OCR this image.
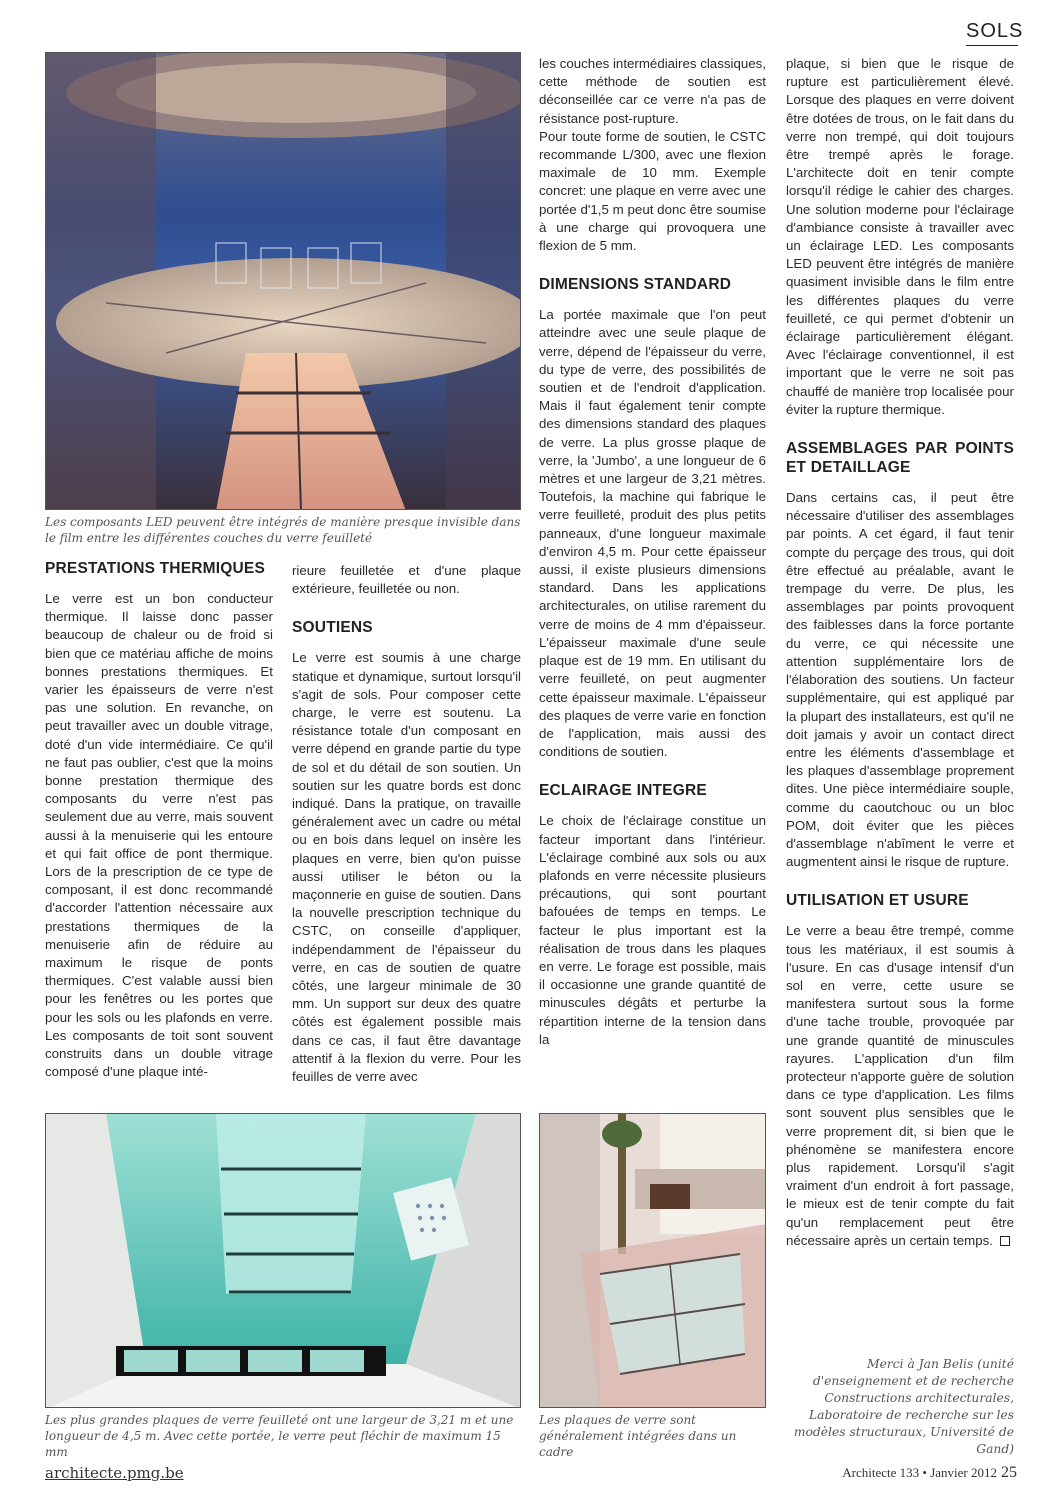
SOLS
Les composants LED peuvent être intégrés de manière presque invisible dans le film entre les différentes couches du verre feuilleté
PRESTATIONS THERMIQUES

Le verre est un bon conducteur thermique. Il laisse donc passer beaucoup de chaleur ou de froid si bien que ce matériau affiche de moins bonnes prestations thermiques. Et varier les épaisseurs de verre n'est pas une solution. En revanche, on peut travailler avec un double vitrage, doté d'un vide intermédiaire. Ce qu'il ne faut pas oublier, c'est que la moins bonne prestation thermique des composants du verre n'est pas seulement due au verre, mais souvent aussi à la menuiserie qui les entoure et qui fait office de pont thermique. Lors de la prescription de ce type de composant, il est donc recommandé d'accorder l'attention nécessaire aux prestations thermiques de la menuiserie afin de réduire au maximum le risque de ponts thermiques. C'est valable aussi bien pour les fenêtres ou les portes que pour les sols ou les plafonds en verre. Les composants de toit sont souvent construits dans un double vitrage composé d'une plaque inté-

rieure feuilletée et d'une plaque extérieure, feuilletée ou non.

SOUTIENS

Le verre est soumis à une charge statique et dynamique, surtout lorsqu'il s'agit de sols. Pour composer cette charge, le verre est soutenu. La résistance totale d'un composant en verre dépend en grande partie du type de sol et du détail de son soutien. Un soutien sur les quatre bords est donc indiqué. Dans la pratique, on travaille généralement avec un cadre ou métal ou en bois dans lequel on insère les plaques en verre, bien qu'on puisse aussi utiliser le béton ou la maçonnerie en guise de soutien. Dans la nouvelle prescription technique du CSTC, on conseille d'appliquer, indépendamment de l'épaisseur du verre, en cas de soutien de quatre côtés, une largeur minimale de 30 mm. Un support sur deux des quatre côtés est également possible mais dans ce cas, il faut être davantage attentif à la flexion du verre. Pour les feuilles de verre avec

les couches intermédiaires classiques, cette méthode de soutien est déconseillée car ce verre n'a pas de résistance post-rupture.

Pour toute forme de soutien, le CSTC recommande L/300, avec une flexion maximale de 10 mm. Exemple concret: une plaque en verre avec une portée d'1,5 m peut donc être soumise à une charge qui provoquera une flexion de 5 mm.

DIMENSIONS STANDARD

La portée maximale que l'on peut atteindre avec une seule plaque de verre, dépend de l'épaisseur du verre, du type de verre, des possibilités de soutien et de l'endroit d'application. Mais il faut également tenir compte des dimensions standard des plaques de verre. La plus grosse plaque de verre, la 'Jumbo', a une longueur de 6 mètres et une largeur de 3,21 mètres. Toutefois, la machine qui fabrique le verre feuilleté, produit des plus petits panneaux, d'une longueur maximale d'environ 4,5 m. Pour cette épaisseur aussi, il existe plusieurs dimensions standard. Dans les applications architecturales, on utilise rarement du verre de moins de 4 mm d'épaisseur. L'épaisseur maximale d'une seule plaque est de 19 mm. En utilisant du verre feuilleté, on peut augmenter cette épaisseur maximale. L'épaisseur des plaques de verre varie en fonction de l'application, mais aussi des conditions de soutien.

ECLAIRAGE INTEGRE

Le choix de l'éclairage constitue un facteur important dans l'intérieur. L'éclairage combiné aux sols ou aux plafonds en verre nécessite plusieurs précautions, qui sont pourtant bafouées de temps en temps. Le facteur le plus important est la réalisation de trous dans les plaques en verre. Le forage est possible, mais il occasionne une grande quantité de minuscules dégâts et perturbe la répartition interne de la tension dans la

plaque, si bien que le risque de rupture est particulièrement élevé. Lorsque des plaques en verre doivent être dotées de trous, on le fait dans du verre non trempé, qui doit toujours être trempé après le forage. L'architecte doit en tenir compte lorsqu'il rédige le cahier des charges. Une solution moderne pour l'éclairage d'ambiance consiste à travailler avec un éclairage LED. Les composants LED peuvent être intégrés de manière quasiment invisible dans le film entre les différentes plaques du verre feuilleté, ce qui permet d'obtenir un éclairage particulièrement élégant. Avec l'éclairage conventionnel, il est important que le verre ne soit pas chauffé de manière trop localisée pour éviter la rupture thermique.

ASSEMBLAGES PAR POINTS ET DETAILLAGE

Dans certains cas, il peut être nécessaire d'utiliser des assemblages par points. A cet égard, il faut tenir compte du perçage des trous, qui doit être effectué au préalable, avant le trempage du verre. De plus, les assemblages par points provoquent des faiblesses dans la force portante du verre, ce qui nécessite une attention supplémentaire lors de l'élaboration des soutiens. Un facteur supplémentaire, qui est appliqué par la plupart des installateurs, est qu'il ne doit jamais y avoir un contact direct entre les éléments d'assemblage et les plaques d'assemblage proprement dites. Une pièce intermédiaire souple, comme du caoutchouc ou un bloc POM, doit éviter que les pièces d'assemblage n'abîment le verre et augmentent ainsi le risque de rupture.

UTILISATION ET USURE

Le verre a beau être trempé, comme tous les matériaux, il est soumis à l'usure. En cas d'usage intensif d'un sol en verre, cette usure se manifestera surtout sous la forme d'une tache trouble, provoquée par une grande quantité de minuscules rayures. L'application d'un film protecteur n'apporte guère de solution dans ce type d'application. Les films sont souvent plus sensibles que le verre proprement dit, si bien que le phénomène se manifestera encore plus rapidement. Lorsqu'il s'agit vraiment d'un endroit à fort passage, le mieux est de tenir compte du fait qu'un remplacement peut être nécessaire après un certain temps.

Les plus grandes plaques de verre feuilleté ont une largeur de 3,21 m et une longueur de 4,5 m. Avec cette portée, le verre peut fléchir de maximum 15 mm
Les plaques de verre sont généralement intégrées dans un cadre
Merci à Jan Belis (unité d'enseignement et de recherche Constructions architecturales, Laboratoire de recherche sur les modèles structuraux, Université de Gand)
architecte.pmg.be	Architecte 133 • Janvier 2012 25
